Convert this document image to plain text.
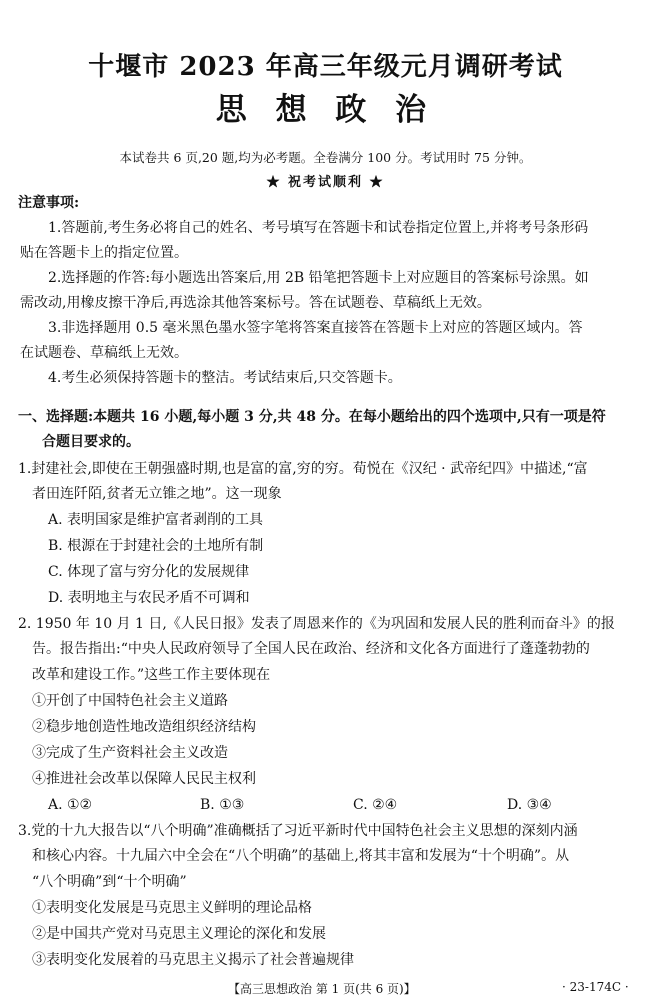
十堰市 2023 年高三年级元月调研考试
思 想 政 治
本试卷共 6 页,20 题,均为必考题。全卷满分 100 分。考试用时 75 分钟。
★ 祝考试顺利 ★
注意事项:
1.答题前,考生务必将自己的姓名、考号填写在答题卡和试卷指定位置上,并将考号条形码
贴在答题卡上的指定位置。
2.选择题的作答:每小题选出答案后,用 2B 铅笔把答题卡上对应题目的答案标号涂黑。如
需改动,用橡皮擦干净后,再选涂其他答案标号。答在试题卷、草稿纸上无效。
3.非选择题用 0.5 毫米黑色墨水签字笔将答案直接答在答题卡上对应的答题区域内。答
在试题卷、草稿纸上无效。
4.考生必须保持答题卡的整洁。考试结束后,只交答题卡。
一、选择题:本题共 16 小题,每小题 3 分,共 48 分。在每小题给出的四个选项中,只有一项是符
合题目要求的。
1.封建社会,即使在王朝强盛时期,也是富的富,穷的穷。荀悦在《汉纪 · 武帝纪四》中描述,“富
者田连阡陌,贫者无立锥之地”。这一现象
A. 表明国家是维护富者剥削的工具
B. 根源在于封建社会的土地所有制
C. 体现了富与穷分化的发展规律
D. 表明地主与农民矛盾不可调和
2. 1950 年 10 月 1 日,《人民日报》发表了周恩来作的《为巩固和发展人民的胜利而奋斗》的报
告。报告指出:“中央人民政府领导了全国人民在政治、经济和文化各方面进行了蓬蓬勃勃的
改革和建设工作。”这些工作主要体现在
①开创了中国特色社会主义道路
②稳步地创造性地改造组织经济结构
③完成了生产资料社会主义改造
④推进社会改革以保障人民民主权利
A. ①②	B. ①③	C. ②④	D. ③④
3.党的十九大报告以“八个明确”准确概括了习近平新时代中国特色社会主义思想的深刻内涵
和核心内容。十九届六中全会在“八个明确”的基础上,将其丰富和发展为“十个明确”。从
“八个明确”到“十个明确”
①表明变化发展是马克思主义鲜明的理论品格
②是中国共产党对马克思主义理论的深化和发展
③表明变化发展着的马克思主义揭示了社会普遍规律
【高三思想政治 第 1 页(共 6 页)】	· 23-174C ·
